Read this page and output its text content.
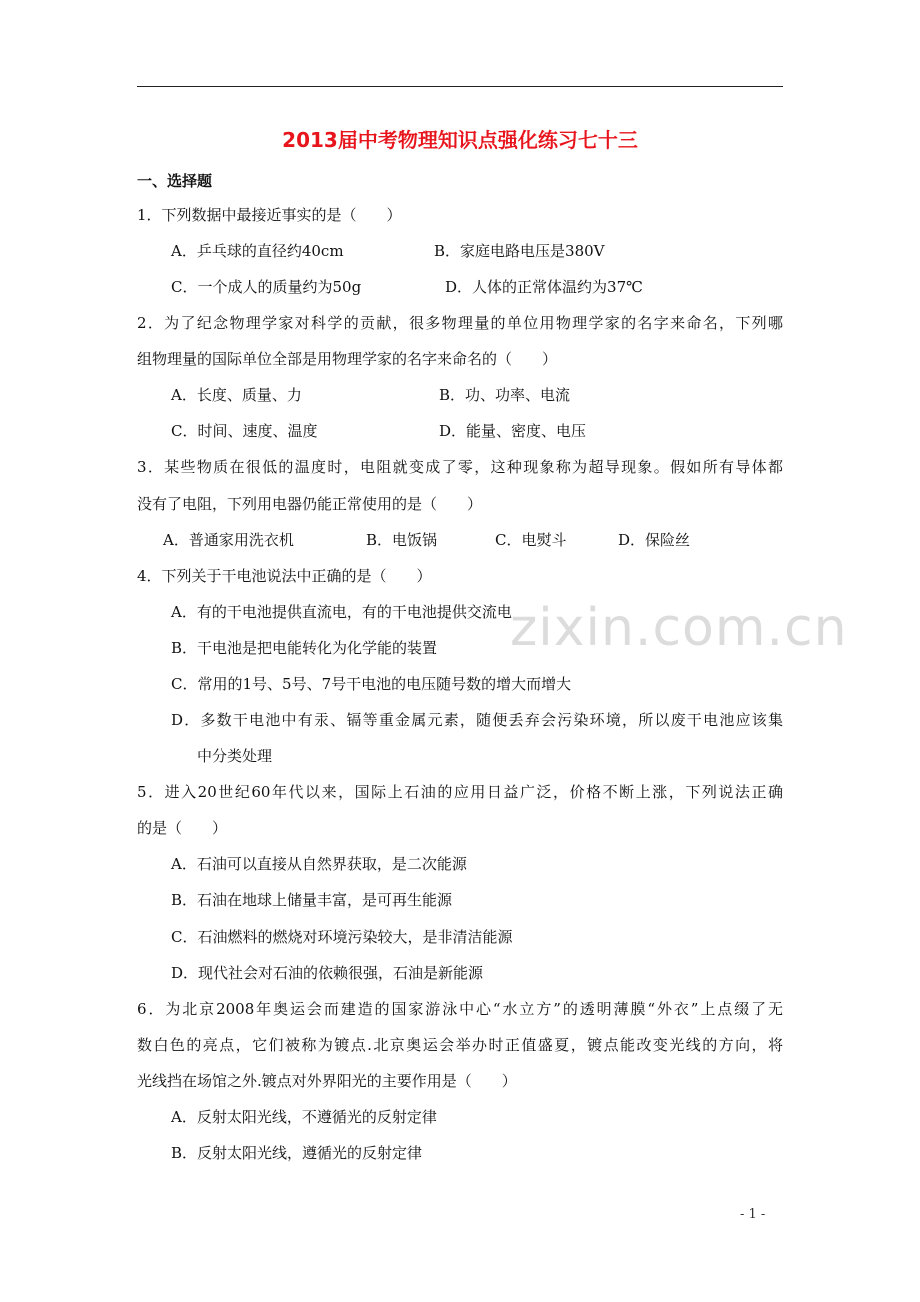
zixin.com.cn
2013届中考物理知识点强化练习七十三
一、选择题
1．下列数据中最接近事实的是（　　）
A．乒乓球的直径约40cm	B．家庭电路电压是380V
C．一个成人的质量约为50g	D．人体的正常体温约为37℃
2．为了纪念物理学家对科学的贡献，很多物理量的单位用物理学家的名字来命名，下列哪
组物理量的国际单位全部是用物理学家的名字来命名的（　　）
A．长度、质量、力	B．功、功率、电流
C．时间、速度、温度	D．能量、密度、电压
3．某些物质在很低的温度时，电阻就变成了零，这种现象称为超导现象。假如所有导体都
没有了电阻，下列用电器仍能正常使用的是（　　）
A．普通家用洗衣机	B．电饭锅	C．电熨斗	D．保险丝
4．下列关于干电池说法中正确的是（　　）
A．有的干电池提供直流电，有的干电池提供交流电
B．干电池是把电能转化为化学能的装置
C．常用的1号、5号、7号干电池的电压随号数的增大而增大
D．多数干电池中有汞、镉等重金属元素，随便丢弃会污染环境，所以废干电池应该集
中分类处理
5．进入20世纪60年代以来，国际上石油的应用日益广泛，价格不断上涨，下列说法正确
的是（　　）
A．石油可以直接从自然界获取，是二次能源
B．石油在地球上储量丰富，是可再生能源
C．石油燃料的燃烧对环境污染较大，是非清洁能源
D．现代社会对石油的依赖很强，石油是新能源
6．为北京2008年奥运会而建造的国家游泳中心“水立方”的透明薄膜“外衣”上点缀了无
数白色的亮点，它们被称为镀点.北京奥运会举办时正值盛夏，镀点能改变光线的方向，将
光线挡在场馆之外.镀点对外界阳光的主要作用是（　　）
A．反射太阳光线，不遵循光的反射定律
B．反射太阳光线，遵循光的反射定律
- 1 -
